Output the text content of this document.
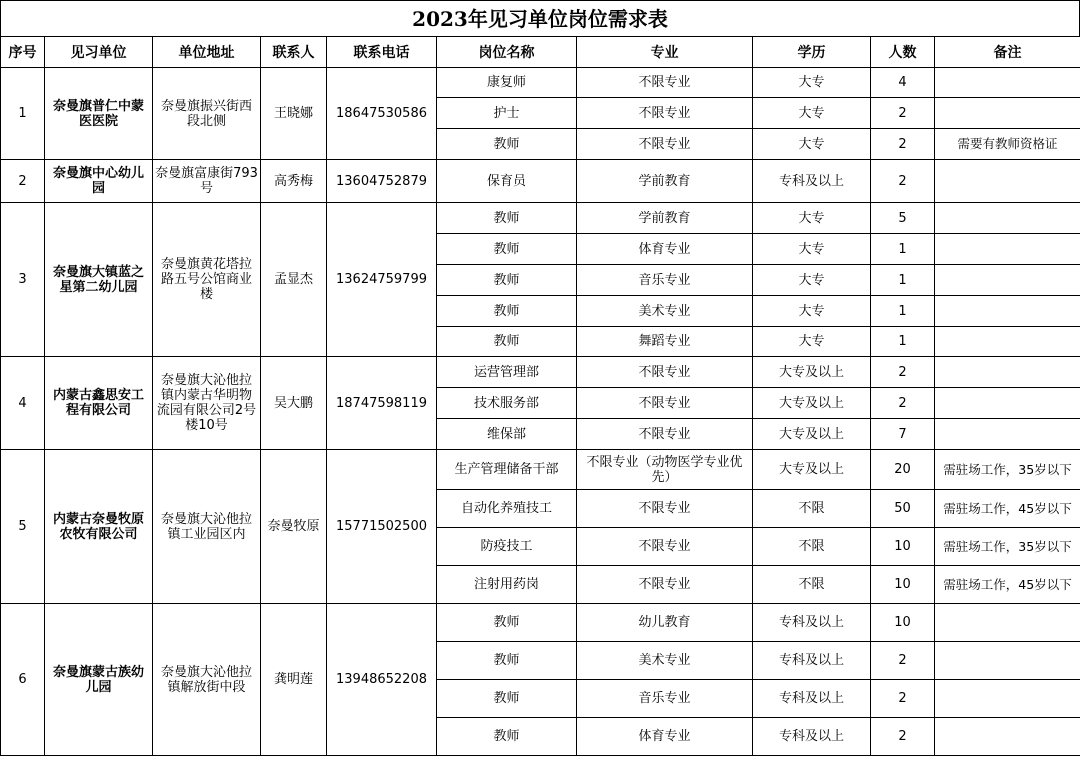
2023年见习单位岗位需求表
序号	见习单位	单位地址	联系人	联系电话	岗位名称	专业	学历	人数	备注
1	奈曼旗普仁中蒙医医院	奈曼旗振兴街西段北侧	王晓娜	18647530586	康复师	不限专业	大专	4	
					护士	不限专业	大专	2	
					教师	不限专业	大专	2	需要有教师资格证
2	奈曼旗中心幼儿园	奈曼旗富康街793号	高秀梅	13604752879	保育员	学前教育	专科及以上	2	
3	奈曼旗大镇蓝之星第二幼儿园	奈曼旗黄花塔拉路五号公馆商业楼	孟显杰	13624759799	教师	学前教育	大专	5	
					教师	体育专业	大专	1	
					教师	音乐专业	大专	1	
					教师	美术专业	大专	1	
					教师	舞蹈专业	大专	1	
4	内蒙古鑫思安工程有限公司	奈曼旗大沁他拉镇内蒙古华明物流园有限公司2号楼10号	吴大鹏	18747598119	运营管理部	不限专业	大专及以上	2	
					技术服务部	不限专业	大专及以上	2	
					维保部	不限专业	大专及以上	7	
5	内蒙古奈曼牧原农牧有限公司	奈曼旗大沁他拉镇工业园区内	奈曼牧原	15771502500	生产管理储备干部	不限专业（动物医学专业优先）	大专及以上	20	需驻场工作，35岁以下
					自动化养殖技工	不限专业	不限	50	需驻场工作，45岁以下
					防疫技工	不限专业	不限	10	需驻场工作，35岁以下
					注射用药岗	不限专业	不限	10	需驻场工作，45岁以下
6	奈曼旗蒙古族幼儿园	奈曼旗大沁他拉镇解放街中段	龚明莲	13948652208	教师	幼儿教育	专科及以上	10	
					教师	美术专业	专科及以上	2	
					教师	音乐专业	专科及以上	2	
					教师	体育专业	专科及以上	2	
